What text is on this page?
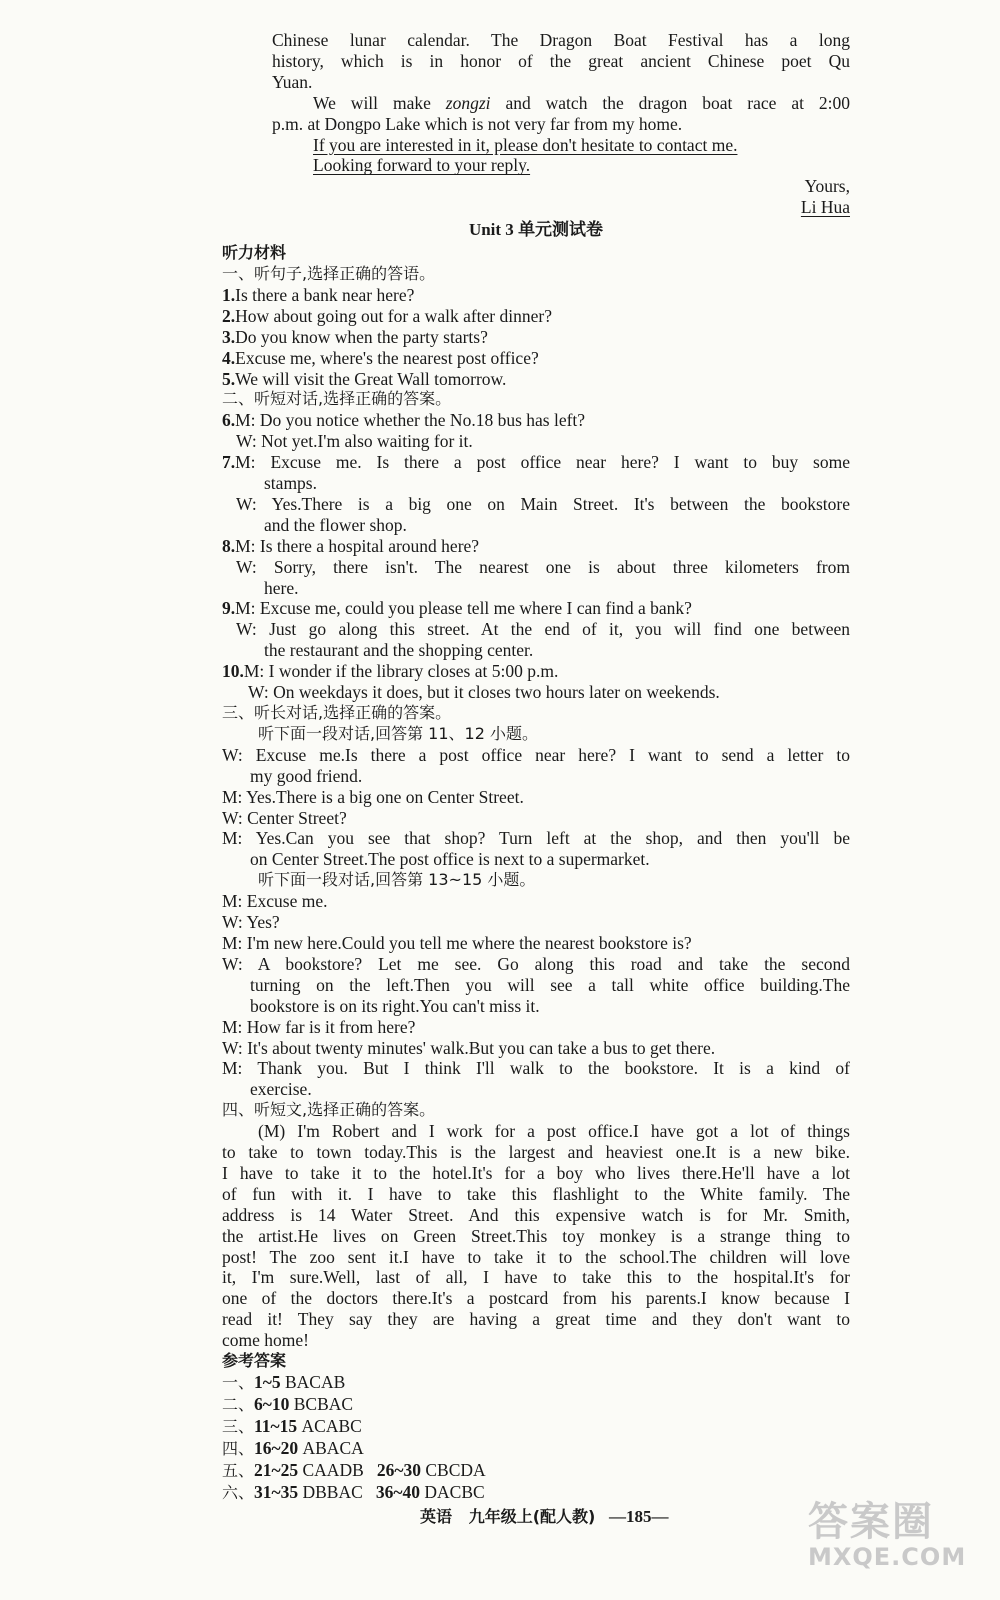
Chinese lunar calendar. The Dragon Boat Festival has a long
history, which is in honor of the great ancient Chinese poet Qu
Yuan.
We will make zongzi and watch the dragon boat race at 2:00
p.m. at Dongpo Lake which is not very far from my home.
If you are interested in it, please don't hesitate to contact me.
Looking forward to your reply.
Yours,
Li Hua
Unit 3 单元测试卷
听力材料
一、听句子,选择正确的答语。
1.Is there a bank near here?
2.How about going out for a walk after dinner?
3.Do you know when the party starts?
4.Excuse me, where's the nearest post office?
5.We will visit the Great Wall tomorrow.
二、听短对话,选择正确的答案。
6.M: Do you notice whether the No.18 bus has left?
W: Not yet.I'm also waiting for it.
7.M: Excuse me. Is there a post office near here? I want to buy some
stamps.
W: Yes.There is a big one on Main Street. It's between the bookstore
and the flower shop.
8.M: Is there a hospital around here?
W: Sorry, there isn't. The nearest one is about three kilometers from
here.
9.M: Excuse me, could you please tell me where I can find a bank?
W: Just go along this street. At the end of it, you will find one between
the restaurant and the shopping center.
10.M: I wonder if the library closes at 5:00 p.m.
W: On weekdays it does, but it closes two hours later on weekends.
三、听长对话,选择正确的答案。
听下面一段对话,回答第 11、12 小题。
W: Excuse me.Is there a post office near here? I want to send a letter to
my good friend.
M: Yes.There is a big one on Center Street.
W: Center Street?
M: Yes.Can you see that shop? Turn left at the shop, and then you'll be
on Center Street.The post office is next to a supermarket.
听下面一段对话,回答第 13~15 小题。
M: Excuse me.
W: Yes?
M: I'm new here.Could you tell me where the nearest bookstore is?
W: A bookstore? Let me see. Go along this road and take the second
turning on the left.Then you will see a tall white office building.The
bookstore is on its right.You can't miss it.
M: How far is it from here?
W: It's about twenty minutes' walk.But you can take a bus to get there.
M: Thank you. But I think I'll walk to the bookstore. It is a kind of
exercise.
四、听短文,选择正确的答案。
(M) I'm Robert and I work for a post office.I have got a lot of things
to take to town today.This is the largest and heaviest one.It is a new bike.
I have to take it to the hotel.It's for a boy who lives there.He'll have a lot
of fun with it. I have to take this flashlight to the White family. The
address is 14 Water Street. And this expensive watch is for Mr. Smith,
the artist.He lives on Green Street.This toy monkey is a strange thing to
post! The zoo sent it.I have to take it to the school.The children will love
it, I'm sure.Well, last of all, I have to take this to the hospital.It's for
one of the doctors there.It's a postcard from his parents.I know because I
read it! They say they are having a great time and they don't want to
come home!
参考答案
一、1~5 BACAB
二、6~10 BCBAC
三、11~15 ACABC
四、16~20 ABACA
五、21~25 CAADB 26~30 CBCDA
六、31~35 DBBAC 36~40 DACBC
英语 九年级上(配人教) —185—	答案圈
MXQE.COM
